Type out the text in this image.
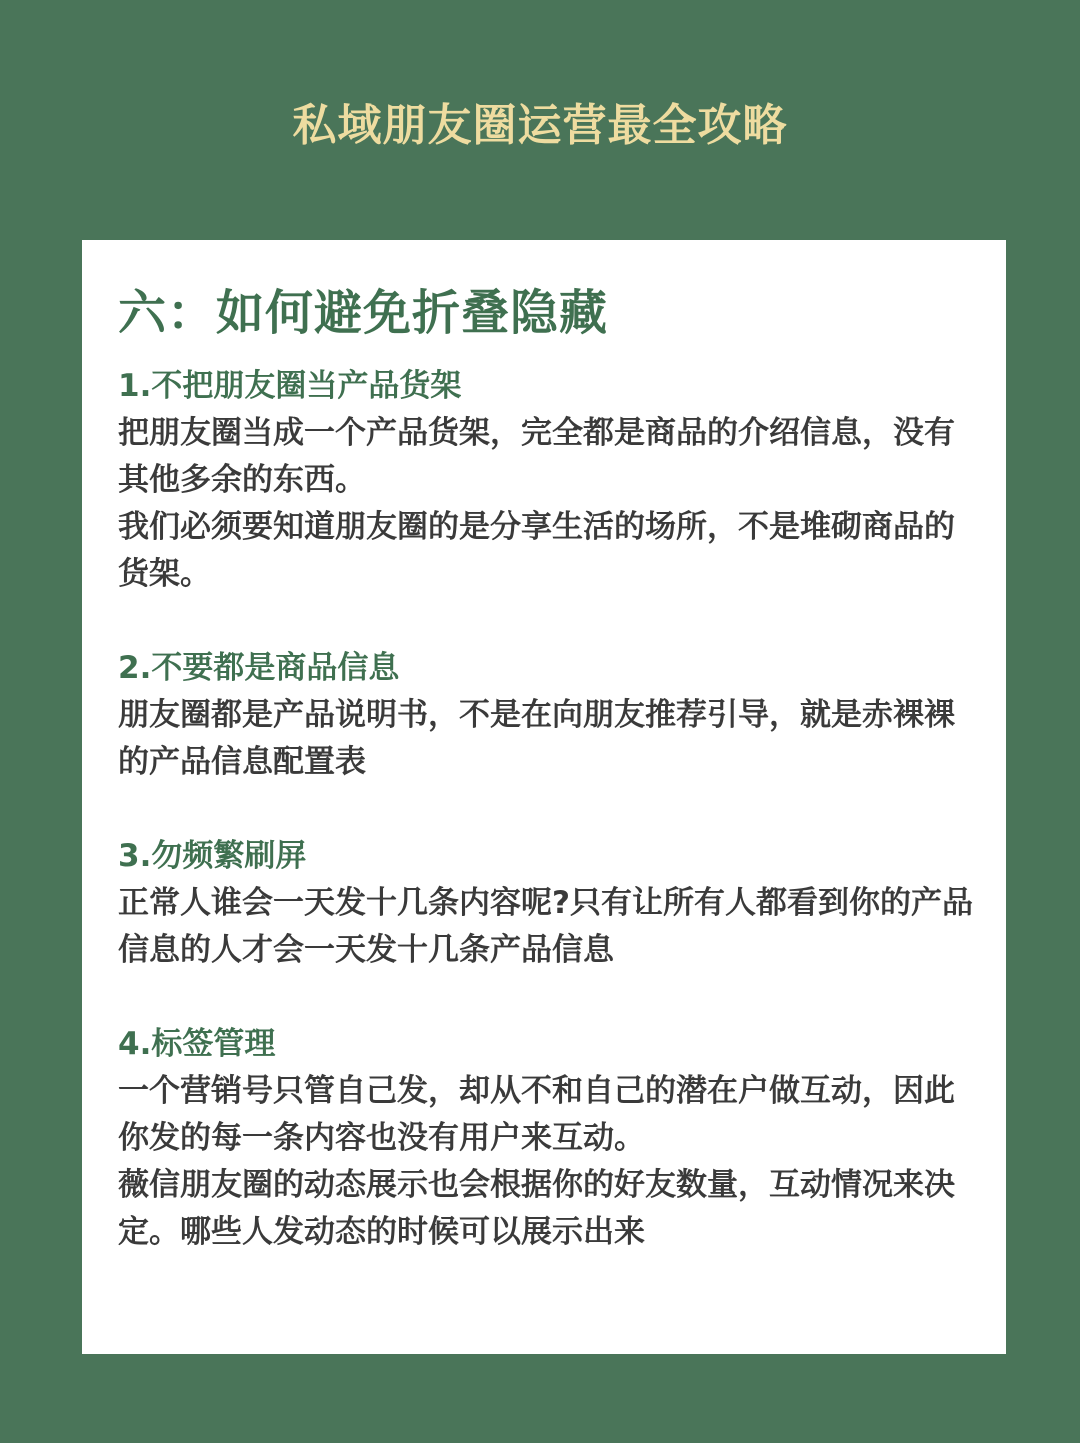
私域朋友圈运营最全攻略
六：如何避免折叠隐藏
1.不把朋友圈当产品货架
把朋友圈当成一个产品货架，完全都是商品的介绍信息，没有其他多余的东西。
我们必须要知道朋友圈的是分享生活的场所，不是堆砌商品的货架。
2.不要都是商品信息
朋友圈都是产品说明书，不是在向朋友推荐引导，就是赤裸裸的产品信息配置表
3.勿频繁刷屏
正常人谁会一天发十几条内容呢?只有让所有人都看到你的产品信息的人才会一天发十几条产品信息
4.标签管理
一个营销号只管自己发，却从不和自己的潜在户做互动，因此你发的每一条内容也没有用户来互动。
薇信朋友圈的动态展示也会根据你的好友数量，互动情况来决定。哪些人发动态的时候可以展示出来
